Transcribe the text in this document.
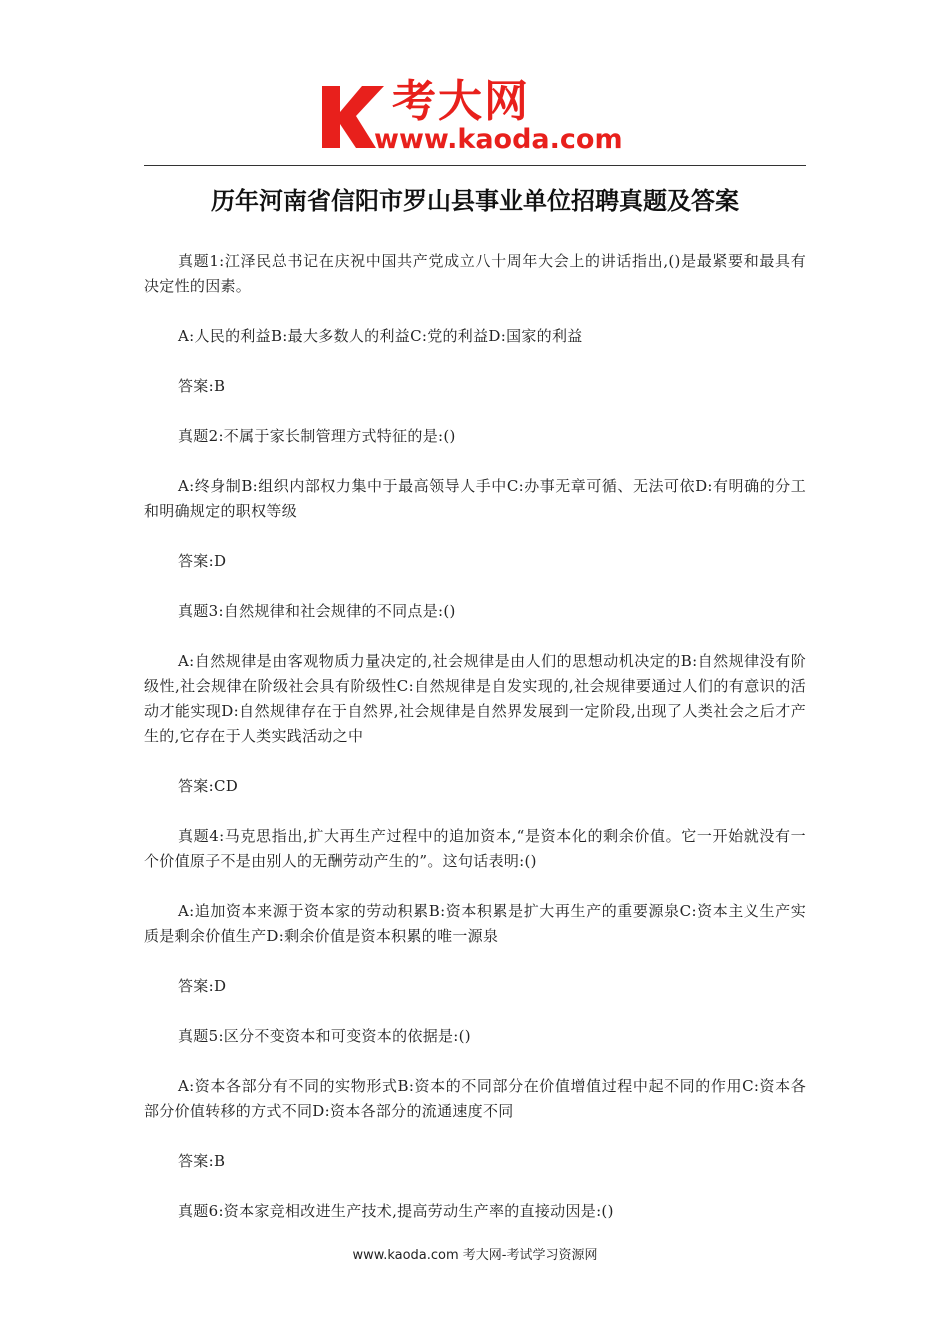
考大网
www.kaoda.com
历年河南省信阳市罗山县事业单位招聘真题及答案

真题1:江泽民总书记在庆祝中国共产党成立八十周年大会上的讲话指出,()是最紧要和最具有决定性的因素。

A:人民的利益B:最大多数人的利益C:党的利益D:国家的利益

答案:B

真题2:不属于家长制管理方式特征的是:()

A:终身制B:组织内部权力集中于最高领导人手中C:办事无章可循、无法可依D:有明确的分工和明确规定的职权等级

答案:D

真题3:自然规律和社会规律的不同点是:()

A:自然规律是由客观物质力量决定的,社会规律是由人们的思想动机决定的B:自然规律没有阶级性,社会规律在阶级社会具有阶级性C:自然规律是自发实现的,社会规律要通过人们的有意识的活动才能实现D:自然规律存在于自然界,社会规律是自然界发展到一定阶段,出现了人类社会之后才产生的,它存在于人类实践活动之中

答案:CD

真题4:马克思指出,扩大再生产过程中的追加资本,“是资本化的剩余价值。它一开始就没有一个价值原子不是由别人的无酬劳动产生的”。这句话表明:()

A:追加资本来源于资本家的劳动积累B:资本积累是扩大再生产的重要源泉C:资本主义生产实质是剩余价值生产D:剩余价值是资本积累的唯一源泉

答案:D

真题5:区分不变资本和可变资本的依据是:()

A:资本各部分有不同的实物形式B:资本的不同部分在价值增值过程中起不同的作用C:资本各部分价值转移的方式不同D:资本各部分的流通速度不同

答案:B

真题6:资本家竞相改进生产技术,提高劳动生产率的直接动因是:()

www.kaoda.com 考大网-考试学习资源网
